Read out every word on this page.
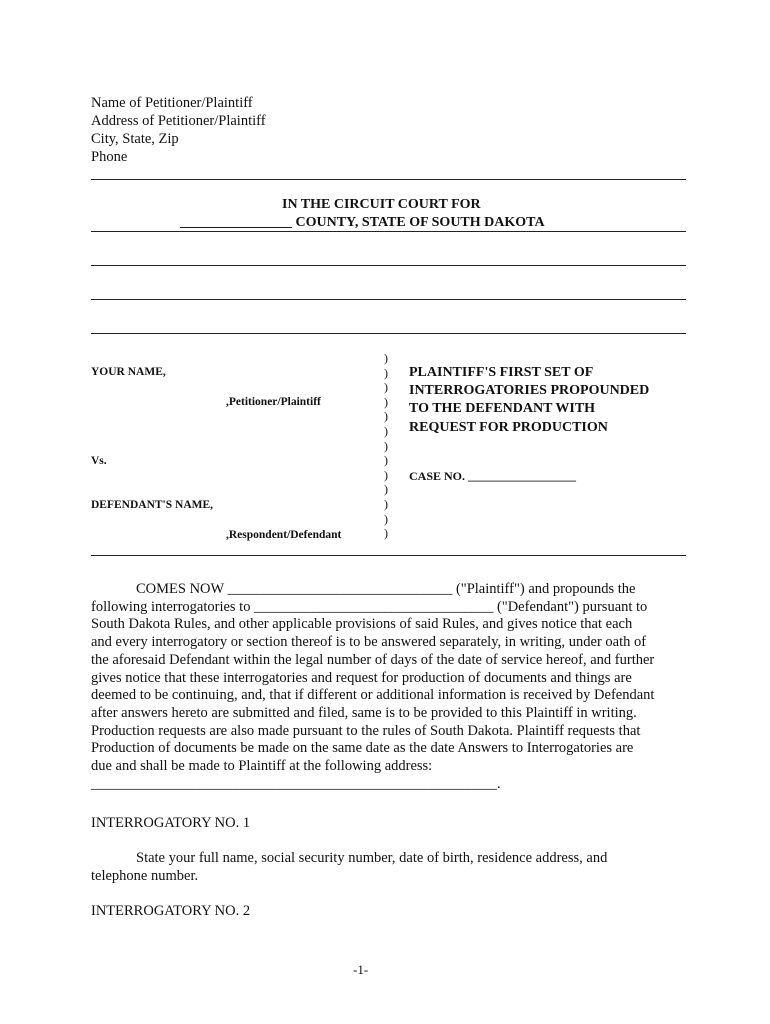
Name of Petitioner/Plaintiff
Address of Petitioner/Plaintiff
City, State, Zip
Phone
IN THE CIRCUIT COURT FOR
________________ COUNTY, STATE OF SOUTH DAKOTA
YOUR NAME,
,Petitioner/Plaintiff
Vs.
DEFENDANT'S NAME,
,Respondent/Defendant
)
)
)
)
)
)
)
)
)
)
)
)
)
PLAINTIFF'S FIRST SET OF
INTERROGATORIES PROPOUNDED
TO THE DEFENDANT WITH
REQUEST FOR PRODUCTION
CASE NO. __________________
COMES NOW _______________________________ ("Plaintiff") and propounds the
following interrogatories to _________________________________ ("Defendant") pursuant to
South Dakota Rules, and other applicable provisions of said Rules, and gives notice that each
and every interrogatory or section thereof is to be answered separately, in writing, under oath of
the aforesaid Defendant within the legal number of days of the date of service hereof, and further
gives notice that these interrogatories and request for production of documents and things are
deemed to be continuing, and, that if different or additional information is received by Defendant
after answers hereto are submitted and filed, same is to be provided to this Plaintiff in writing.
Production requests are also made pursuant to the rules of South Dakota. Plaintiff requests that
Production of documents be made on the same date as the date Answers to Interrogatories are
due and shall be made to Plaintiff at the following address:
________________________________________________________.
INTERROGATORY NO. 1
State your full name, social security number, date of birth, residence address, and
telephone number.
INTERROGATORY NO. 2
-1-
